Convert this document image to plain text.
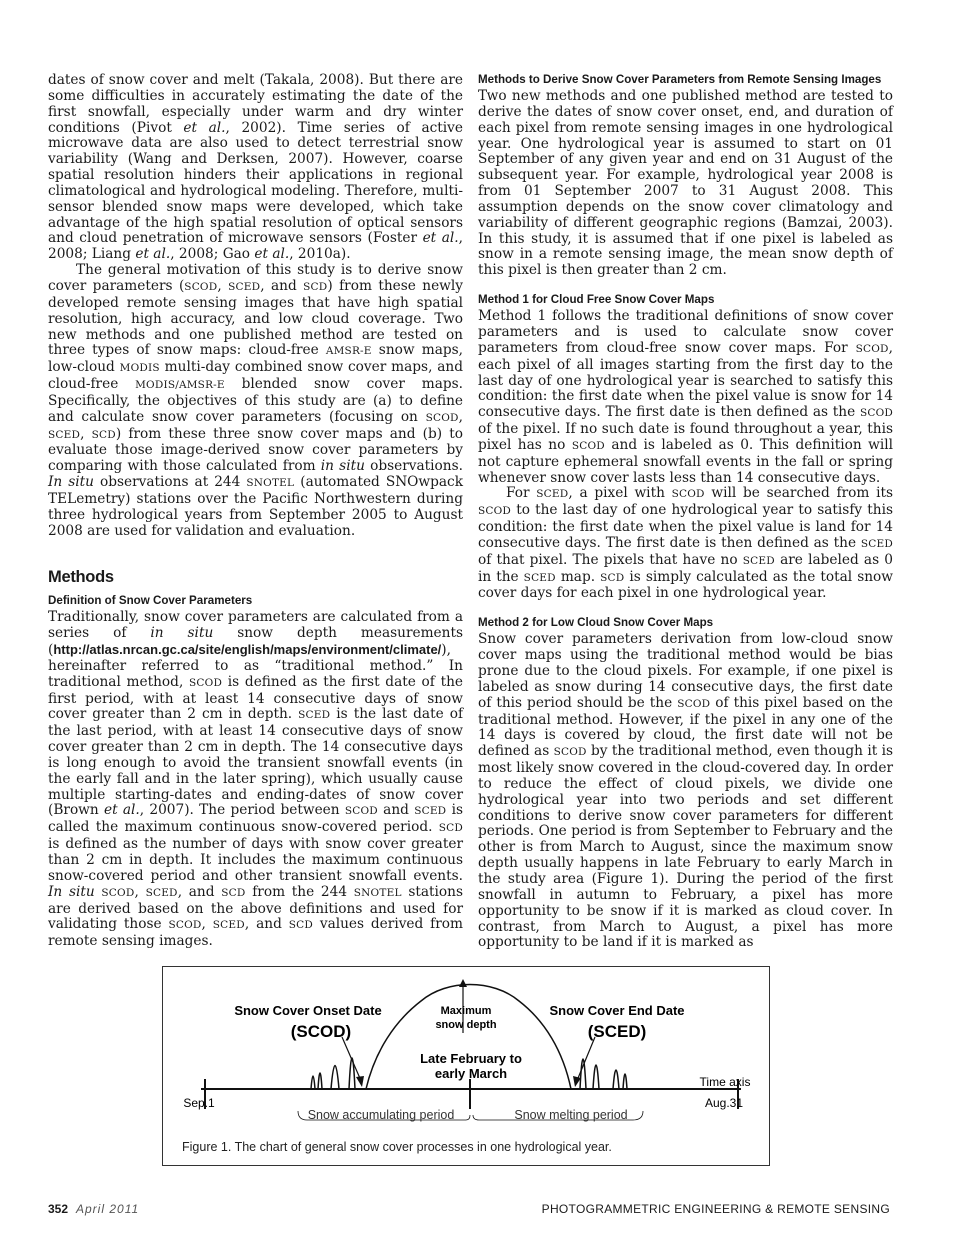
dates of snow cover and melt (Takala, 2008). But there are some difficulties in accurately estimating the date of the first snowfall, especially under warm and dry winter conditions (Pivot et al., 2002). Time series of active microwave data are also used to detect terrestrial snow variability (Wang and Derksen, 2007). However, coarse spatial resolution hinders their applications in regional climatological and hydrological modeling. Therefore, multi-sensor blended snow maps were developed, which take advantage of the high spatial resolution of optical sensors and cloud penetration of microwave sensors (Foster et al., 2008; Liang et al., 2008; Gao et al., 2010a).

The general motivation of this study is to derive snow cover parameters (SCOD, SCED, and SCD) from these newly developed remote sensing images that have high spatial resolution, high accuracy, and low cloud coverage. Two new methods and one published method are tested on three types of snow maps: cloud-free AMSR-E snow maps, low-cloud MODIS multi-day combined snow cover maps, and cloud-free MODIS/AMSR-E blended snow cover maps. Specifically, the objectives of this study are (a) to define and calculate snow cover parameters (focusing on SCOD, SCED, SCD) from these three snow cover maps and (b) to evaluate those image-derived snow cover parameters by comparing with those calculated from in situ observations. In situ observations at 244 SNOTEL (automated SNOwpack TELemetry) stations over the Pacific Northwestern during three hydrological years from September 2005 to August 2008 are used for validation and evaluation.

Methods
Definition of Snow Cover Parameters

Traditionally, snow cover parameters are calculated from a series of in situ snow depth measurements (http://atlas.nrcan.gc.ca/site/english/maps/environment/climate/), hereinafter referred to as “traditional method.” In traditional method, SCOD is defined as the first date of the first period, with at least 14 consecutive days of snow cover greater than 2 cm in depth. SCED is the last date of the last period, with at least 14 consecutive days of snow cover greater than 2 cm in depth. The 14 consecutive days is long enough to avoid the transient snowfall events (in the early fall and in the later spring), which usually cause multiple starting-dates and ending-dates of snow cover (Brown et al., 2007). The period between SCOD and SCED is called the maximum continuous snow-covered period. SCD is defined as the number of days with snow cover greater than 2 cm in depth. It includes the maximum continuous snow-covered period and other transient snowfall events. In situ SCOD, SCED, and SCD from the 244 SNOTEL stations are derived based on the above definitions and used for validating those SCOD, SCED, and SCD values derived from remote sensing images.

Methods to Derive Snow Cover Parameters from Remote Sensing Images

Two new methods and one published method are tested to derive the dates of snow cover onset, end, and duration of each pixel from remote sensing images in one hydrological year. One hydrological year is assumed to start on 01 September of any given year and end on 31 August of the subsequent year. For example, hydrological year 2008 is from 01 September 2007 to 31 August 2008. This assumption depends on the snow cover climatology and variability of different geographic regions (Bamzai, 2003). In this study, it is assumed that if one pixel is labeled as snow in a remote sensing image, the mean snow depth of this pixel is then greater than 2 cm.

Method 1 for Cloud Free Snow Cover Maps

Method 1 follows the traditional definitions of snow cover parameters and is used to calculate snow cover parameters from cloud-free snow cover maps. For SCOD, each pixel of all images starting from the first day to the last day of one hydrological year is searched to satisfy this condition: the first date when the pixel value is snow for 14 consecutive days. The first date is then defined as the SCOD of the pixel. If no such date is found throughout a year, this pixel has no SCOD and is labeled as 0. This definition will not capture ephemeral snowfall events in the fall or spring whenever snow cover lasts less than 14 consecutive days.

For SCED, a pixel with SCOD will be searched from its SCOD to the last day of one hydrological year to satisfy this condition: the first date when the pixel value is land for 14 consecutive days. The first date is then defined as the SCED of that pixel. The pixels that have no SCED are labeled as 0 in the SCED map. SCD is simply calculated as the total snow cover days for each pixel in one hydrological year.

Method 2 for Low Cloud Snow Cover Maps

Snow cover parameters derivation from low-cloud snow cover maps using the traditional method would be bias prone due to the cloud pixels. For example, if one pixel is labeled as snow during 14 consecutive days, the first date of this period should be the SCOD of this pixel based on the traditional method. However, if the pixel in any one of the 14 days is covered by cloud, the first date will not be defined as SCOD by the traditional method, even though it is most likely snow covered in the cloud-covered day. In order to reduce the effect of cloud pixels, we divide one hydrological year into two periods and set different conditions to derive snow cover parameters for different periods. One period is from September to February and the other is from March to August, since the maximum snow depth usually happens in late February to early March in the study area (Figure 1). During the period of the first snowfall in autumn to February, a pixel has more opportunity to be snow if it is marked as cloud cover. In contrast, from March to August, a pixel has more opportunity to be land if it is marked as

Snow Cover Onset Date
(SCOD)
Maximum
snow depth
Snow Cover End Date
(SCED)
Late February to
early March
Time axis
Sep.1	Aug.31
Snow accumulating period	Snow melting period
Figure 1. The chart of general snow cover processes in one hydrological year.
352 April 2011	PHOTOGRAMMETRIC ENGINEERING & REMOTE SENSING
